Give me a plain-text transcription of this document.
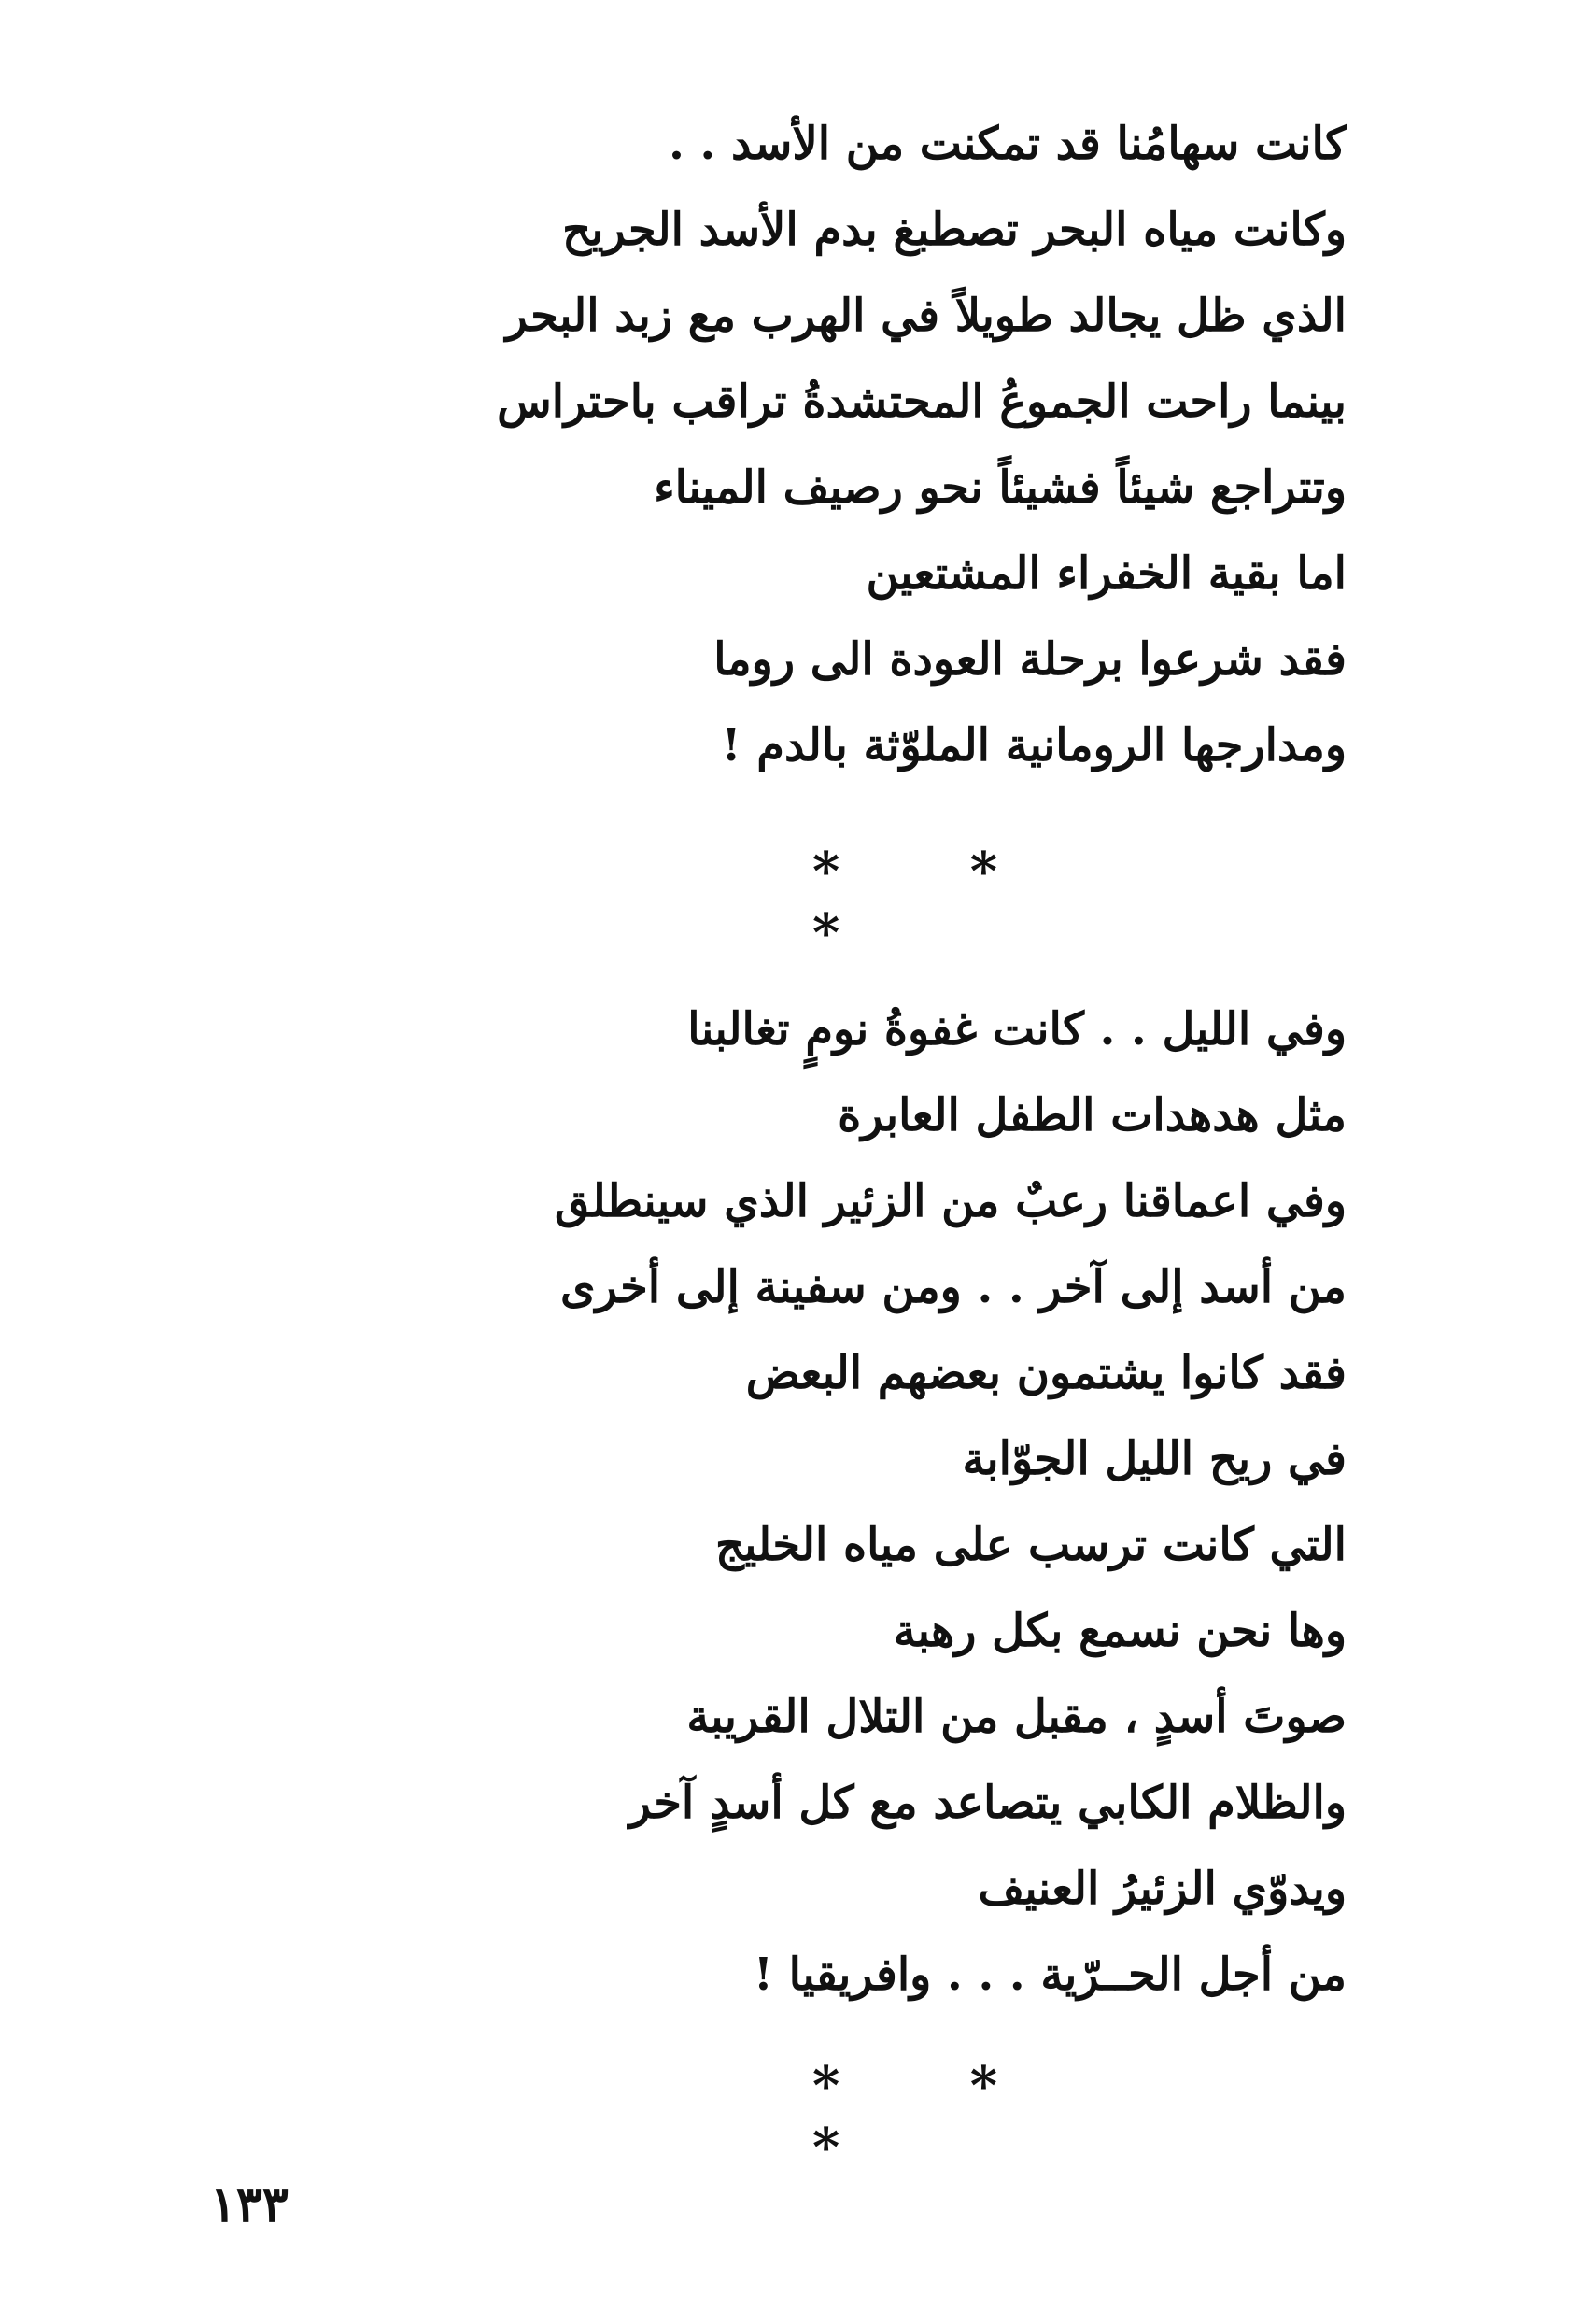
كانت سهامُنا قد تمكنت من الأسد . .
وكانت مياه البحر تصطبغ بدم الأسد الجريح
الذي ظل يجالد طويلاً في الهرب مع زبد البحر
بينما راحت الجموعُ المحتشدةُ تراقب باحتراس
وتتراجع شيئاً فشيئاً نحو رصيف الميناء
اما بقية الخفراء المشتعين
فقد شرعوا برحلة العودة الى روما
ومدارجها الرومانية الملوّثة بالدم !
* * *
وفي الليل . . كانت غفوةُ نومٍ تغالبنا
مثل هدهدات الطفل العابرة
وفي اعماقنا رعبٌ من الزئير الذي سينطلق
من أسد إلى آخر . . ومن سفينة إلى أخرى
فقد كانوا يشتمون بعضهم البعض
في ريح الليل الجوّابة
التي كانت ترسب على مياه الخليج
وها نحن نسمع بكل رهبة
صوتَ أسدٍ ، مقبل من التلال القريبة
والظلام الكابي يتصاعد مع كل أسدٍ آخر
ويدوّي الزئيرُ العنيف
من أجل الحــرّية . . . وافريقيا !
* * *
١٣٣
